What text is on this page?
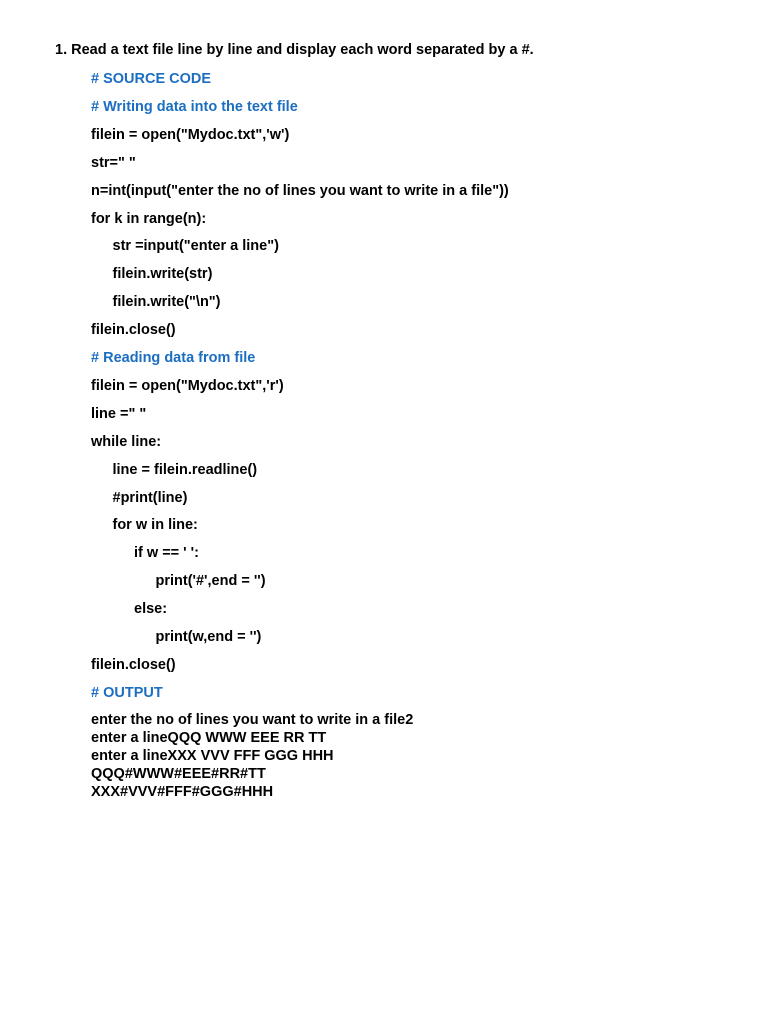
1. Read a text file line by line and display each word separated by a #.
# SOURCE CODE
# Writing data into the text file
filein = open("Mydoc.txt",'w')
str=" "
n=int(input("enter the no of lines you want to write in a file"))
for k in range(n):
str =input("enter a line")
filein.write(str)
filein.write("\n")
filein.close()
# Reading data from file
filein = open("Mydoc.txt",'r')
line =" "
while line:
line = filein.readline()
#print(line)
for w in line:
if w == ' ':
print('#',end = '')
else:
print(w,end = '')
filein.close()
# OUTPUT
enter the no of lines you want to write in a file2
enter a lineQQQ WWW EEE RR TT
enter a lineXXX VVV FFF GGG HHH
QQQ#WWW#EEE#RR#TT
XXX#VVV#FFF#GGG#HHH
